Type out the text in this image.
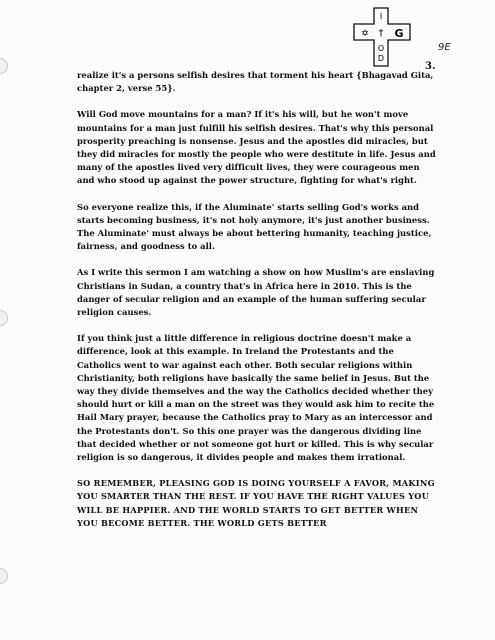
I
✡ † G
O
D
9E
3.

realize it's a persons selfish desires that torment his heart {Bhagavad Gita, chapter 2, verse 55}.

Will God move mountains for a man? If it's his will, but he won't move mountains for a man just fulfill his selfish desires. That's why this personal prosperity preaching is nonsense. Jesus and the apostles did miracles, but they did miracles for mostly the people who were destitute in life. Jesus and many of the apostles lived very difficult lives, they were courageous men and who stood up against the power structure, fighting for what's right.

So everyone realize this, if the Aluminate' starts selling God's works and starts becoming business, it's not holy anymore, it's just another business. The Aluminate' must always be about bettering humanity, teaching justice, fairness, and goodness to all.

As I write this sermon I am watching a show on how Muslim's are enslaving Christians in Sudan, a country that's in Africa here in 2010. This is the danger of secular religion and an example of the human suffering secular religion causes.

If you think just a little difference in religious doctrine doesn't make a difference, look at this example. In Ireland the Protestants and the Catholics went to war against each other. Both secular religions within Christianity, both religions have basically the same belief in Jesus. But the way they divide themselves and the way the Catholics decided whether they should hurt or kill a man on the street was they would ask him to recite the Hail Mary prayer, because the Catholics pray to Mary as an intercessor and the Protestants don't. So this one prayer was the dangerous dividing line that decided whether or not someone got hurt or killed. This is why secular religion is so dangerous, it divides people and makes them irrational.

SO REMEMBER, PLEASING GOD IS DOING YOURSELF A FAVOR, MAKING YOU SMARTER THAN THE REST. IF YOU HAVE THE RIGHT VALUES YOU WILL BE HAPPIER. AND THE WORLD STARTS TO GET BETTER WHEN YOU BECOME BETTER. THE WORLD GETS BETTER
